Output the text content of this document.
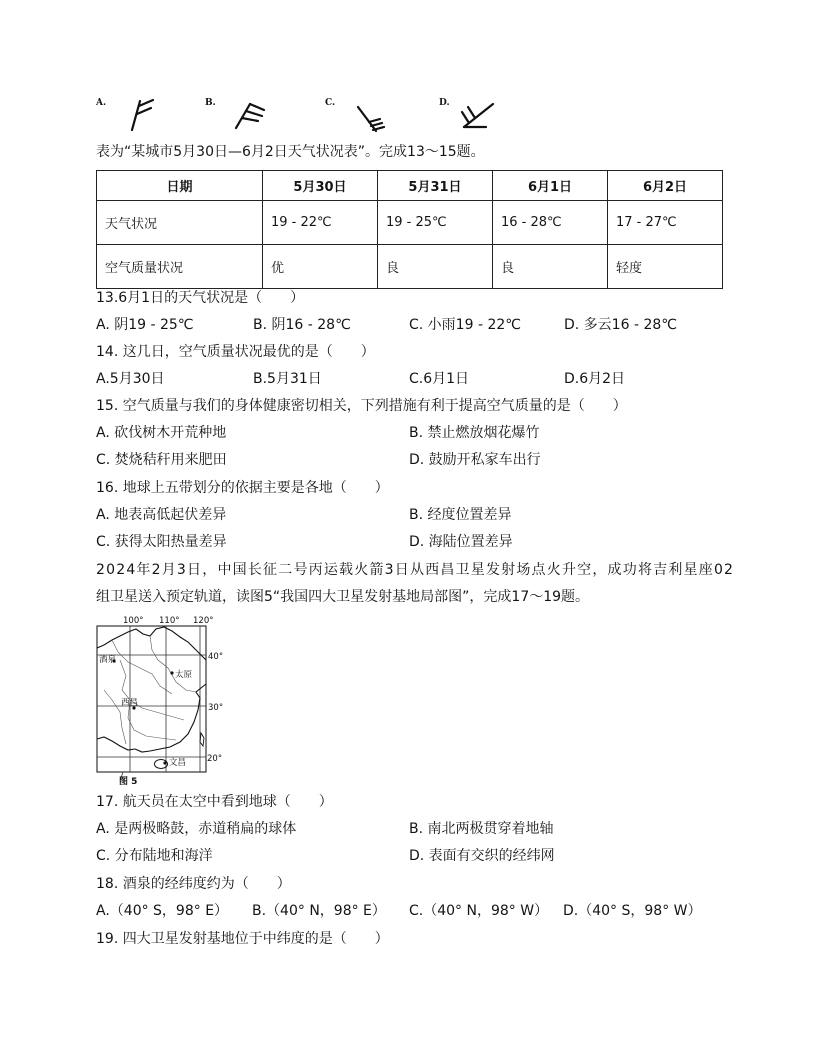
A.	B.	C.	D.
表为“某城市5月30日—6月2日天气状况表”。完成13～15题。
日期	5月30日	5月31日	6月1日	6月2日
天气状况	19 - 22℃	19 - 25℃	16 - 28℃	17 - 27℃
空气质量状况	优	良	良	轻度
13.6月1日的天气状况是（　　）
A. 阴19 - 25℃	B. 阴16 - 28℃	C. 小雨19 - 22℃	D. 多云16 - 28℃
14. 这几日，空气质量状况最优的是（　　）
A.5月30日	B.5月31日	C.6月1日	D.6月2日
15. 空气质量与我们的身体健康密切相关，下列措施有利于提高空气质量的是（　　）
A. 砍伐树木开荒种地	B. 禁止燃放烟花爆竹
C. 焚烧秸秆用来肥田	D. 鼓励开私家车出行
16. 地球上五带划分的依据主要是各地（　　）
A. 地表高低起伏差异	B. 经度位置差异
C. 获得太阳热量差异	D. 海陆位置差异
2024年2月3日，中国长征二号丙运载火箭3日从西昌卫星发射场点火升空，成功将吉利星座02
组卫星送入预定轨道，读图5“我国四大卫星发射基地局部图”，完成17～19题。
100° 110° 120°
40°
30°
20°
酒泉
太原
西昌
文昌
图 5
17. 航天员在太空中看到地球（　　）
A. 是两极略鼓，赤道稍扁的球体	B. 南北两极贯穿着地轴
C. 分布陆地和海洋	D. 表面有交织的经纬网
18. 酒泉的经纬度约为（　　）
A.（40° S，98° E） B.（40° N，98° E） C.（40° N，98° W） D.（40° S，98° W）
19. 四大卫星发射基地位于中纬度的是（　　）
